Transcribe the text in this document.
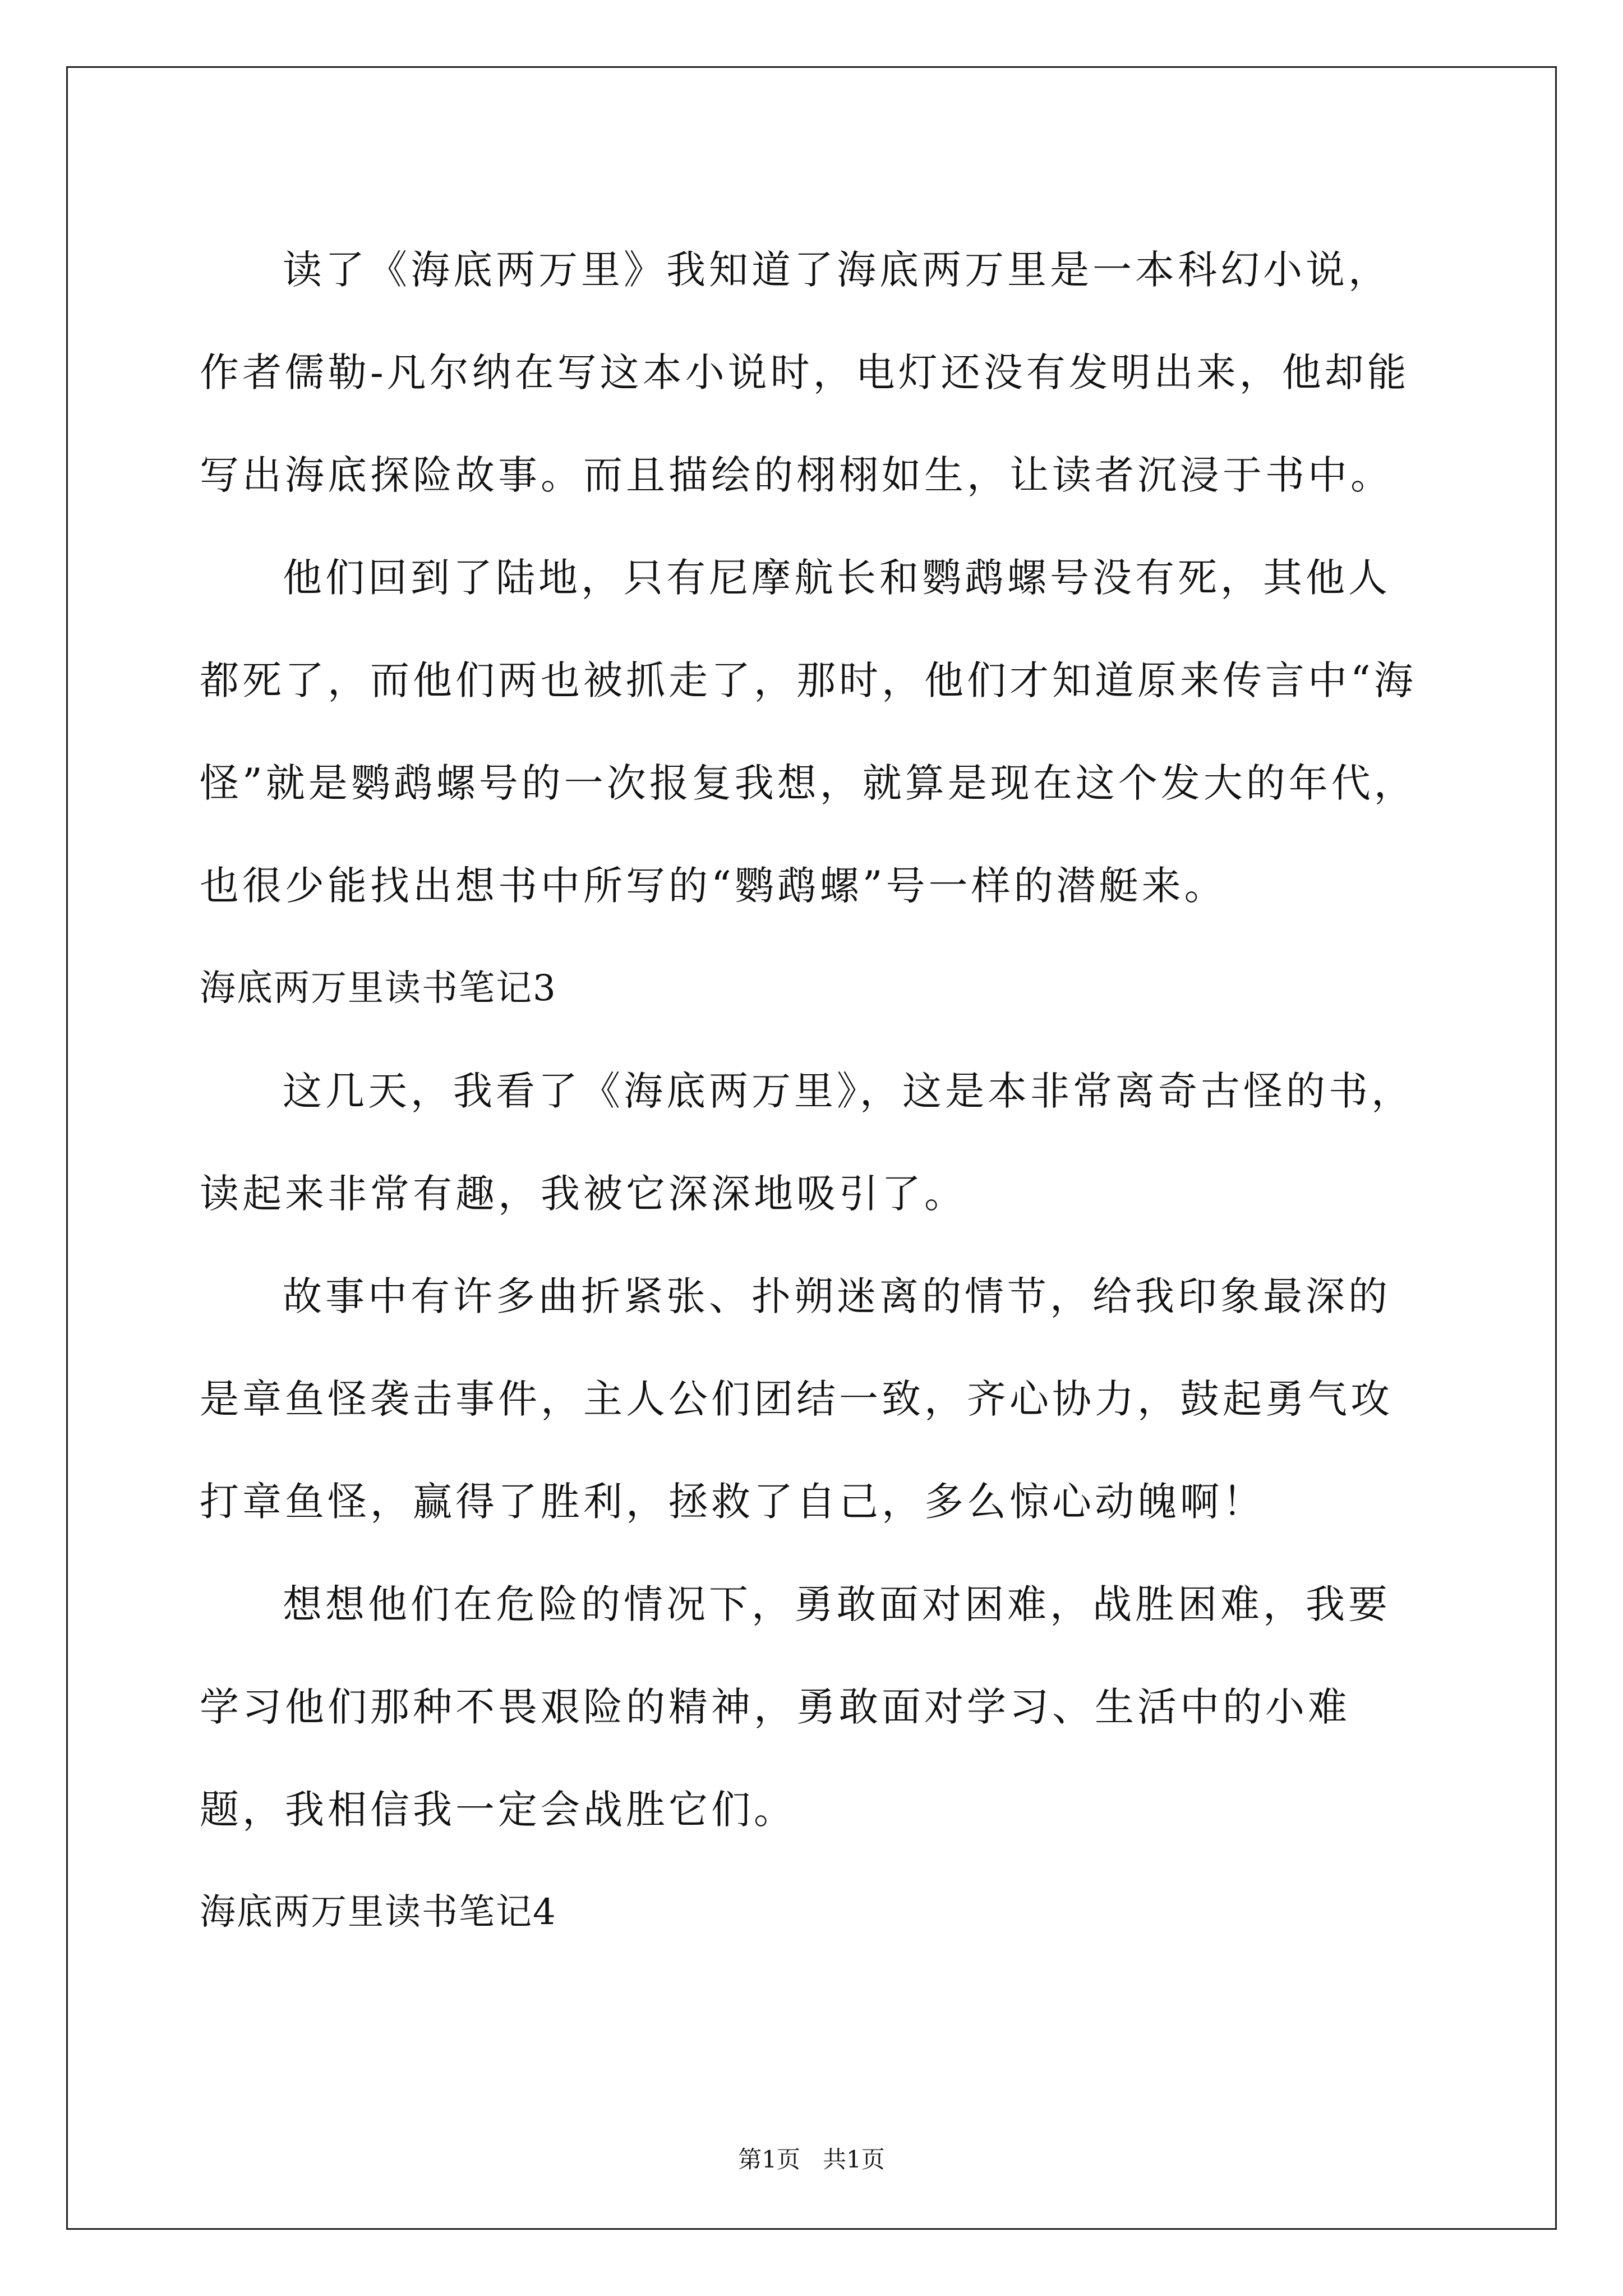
读了《海底两万里》我知道了海底两万里是一本科幻小说，作者儒勒-凡尔纳在写这本小说时，电灯还没有发明出来，他却能写出海底探险故事。而且描绘的栩栩如生，让读者沉浸于书中。

他们回到了陆地，只有尼摩航长和鹦鹉螺号没有死，其他人都死了，而他们两也被抓走了，那时，他们才知道原来传言中“海怪”就是鹦鹉螺号的一次报复我想，就算是现在这个发大的年代，也很少能找出想书中所写的“鹦鹉螺”号一样的潜艇来。

海底两万里读书笔记3

这几天，我看了《海底两万里》，这是本非常离奇古怪的书，读起来非常有趣，我被它深深地吸引了。

故事中有许多曲折紧张、扑朔迷离的情节，给我印象最深的是章鱼怪袭击事件，主人公们团结一致，齐心协力，鼓起勇气攻打章鱼怪，赢得了胜利，拯救了自己，多么惊心动魄啊！

想想他们在危险的情况下，勇敢面对困难，战胜困难，我要学习他们那种不畏艰险的精神，勇敢面对学习、生活中的小难题，我相信我一定会战胜它们。

海底两万里读书笔记4
第1页   共1页
